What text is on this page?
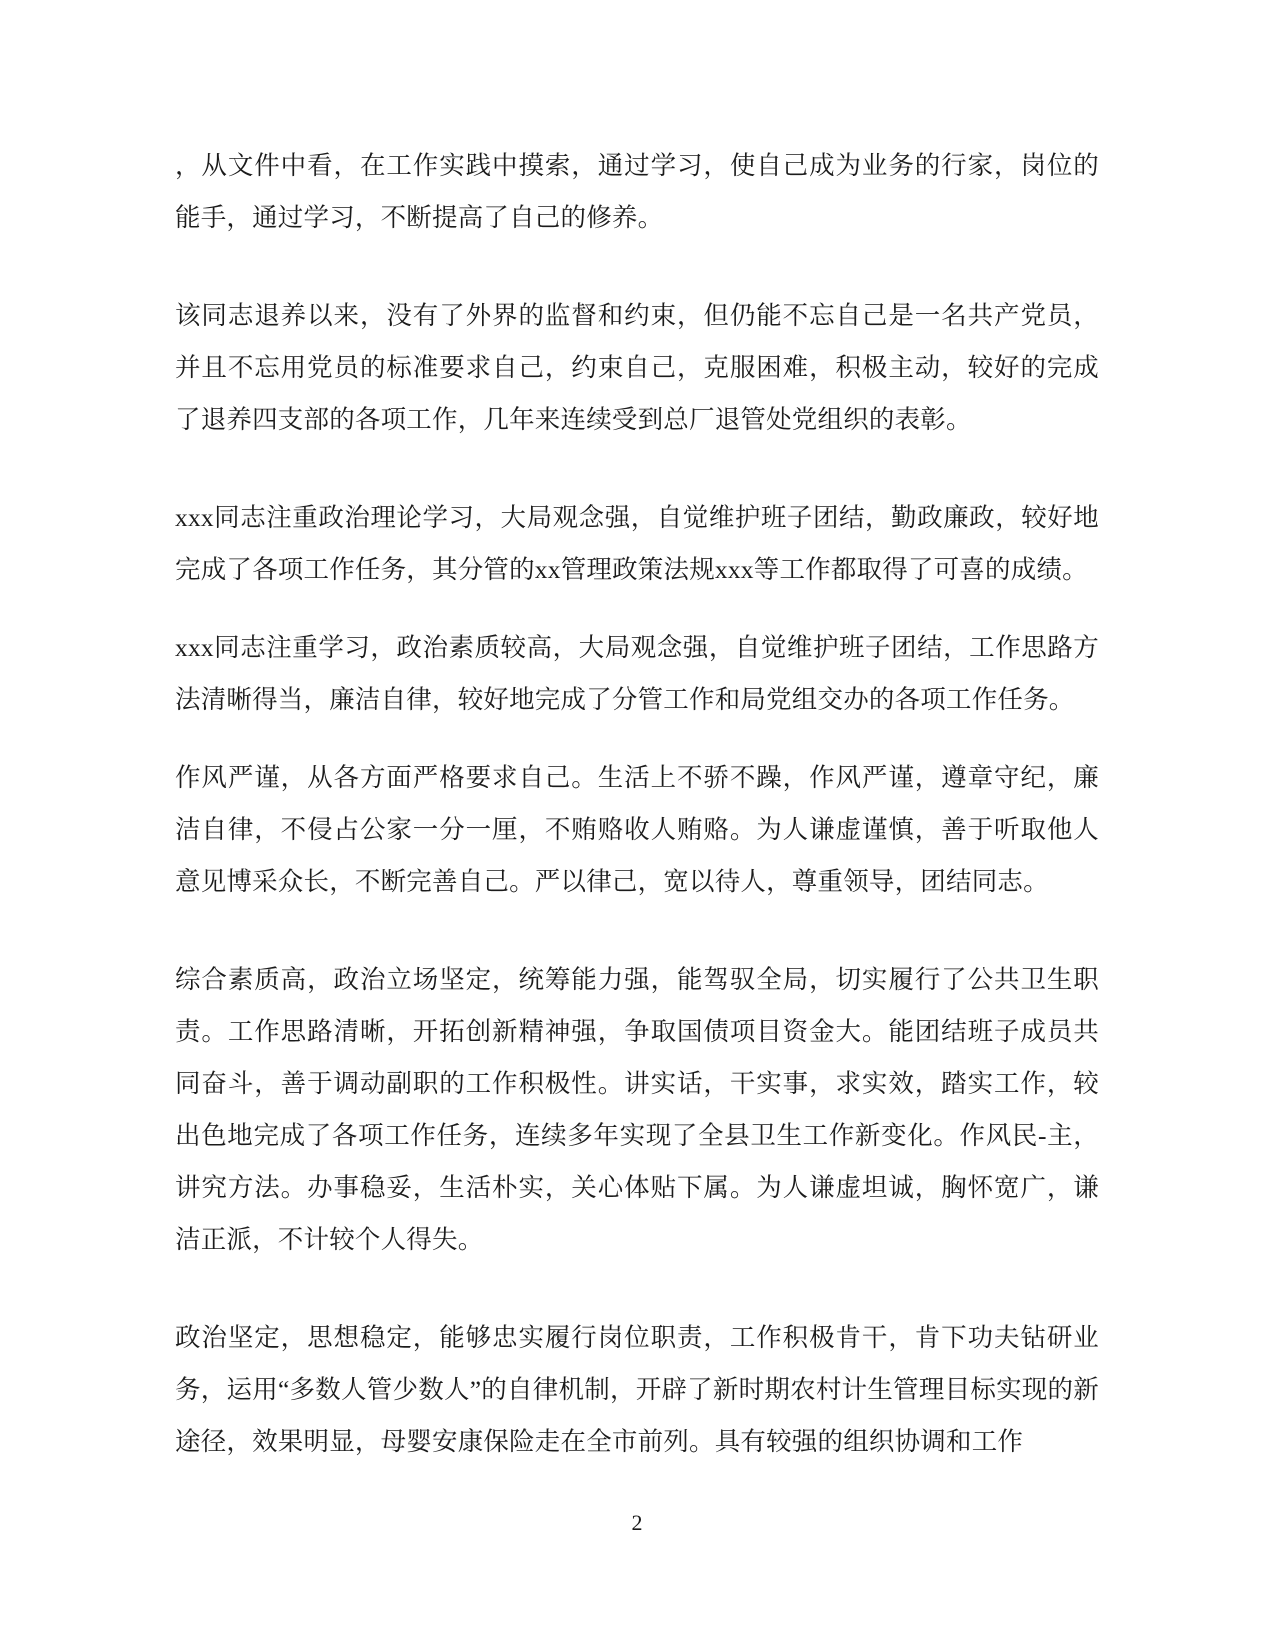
，从文件中看，在工作实践中摸索，通过学习，使自己成为业务的行家，岗位的能手，通过学习，不断提高了自己的修养。

该同志退养以来，没有了外界的监督和约束，但仍能不忘自己是一名共产党员，并且不忘用党员的标准要求自己，约束自己，克服困难，积极主动，较好的完成了退养四支部的各项工作，几年来连续受到总厂退管处党组织的表彰。

xxx同志注重政治理论学习，大局观念强，自觉维护班子团结，勤政廉政，较好地完成了各项工作任务，其分管的xx管理政策法规xxx等工作都取得了可喜的成绩。

xxx同志注重学习，政治素质较高，大局观念强，自觉维护班子团结，工作思路方法清晰得当，廉洁自律，较好地完成了分管工作和局党组交办的各项工作任务。

作风严谨，从各方面严格要求自己。生活上不骄不躁，作风严谨，遵章守纪，廉洁自律，不侵占公家一分一厘，不贿赂收人贿赂。为人谦虚谨慎，善于听取他人意见博采众长，不断完善自己。严以律己，宽以待人，尊重领导，团结同志。

综合素质高，政治立场坚定，统筹能力强，能驾驭全局，切实履行了公共卫生职责。工作思路清晰，开拓创新精神强，争取国债项目资金大。能团结班子成员共同奋斗，善于调动副职的工作积极性。讲实话，干实事，求实效，踏实工作，较出色地完成了各项工作任务，连续多年实现了全县卫生工作新变化。作风民-主，讲究方法。办事稳妥，生活朴实，关心体贴下属。为人谦虚坦诚，胸怀宽广，谦洁正派，不计较个人得失。

政治坚定，思想稳定，能够忠实履行岗位职责，工作积极肯干，肯下功夫钻研业务，运用“多数人管少数人”的自律机制，开辟了新时期农村计生管理目标实现的新途径，效果明显，母婴安康保险走在全市前列。具有较强的组织协调和工作

2
